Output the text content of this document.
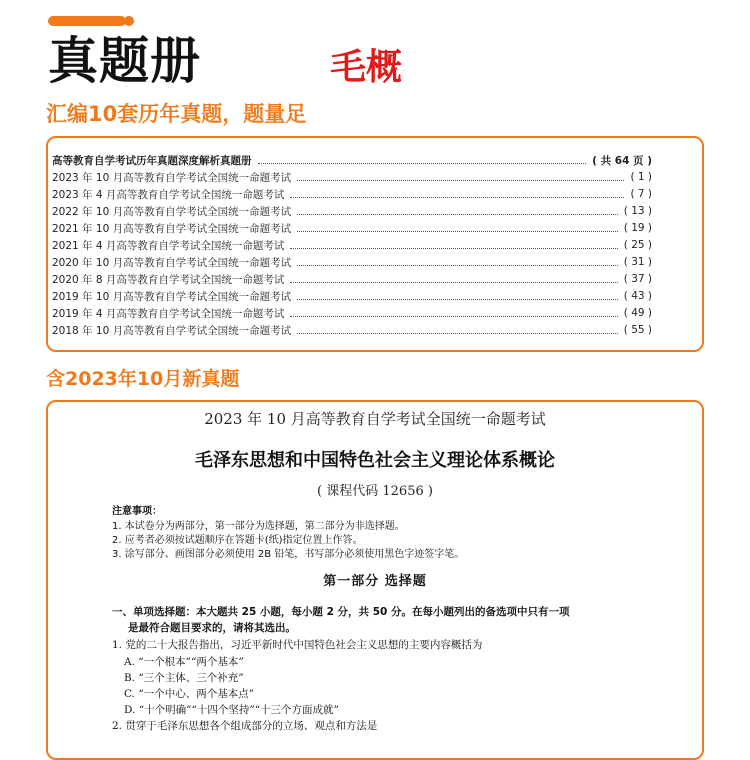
真题册	毛概
汇编10套历年真题，题量足
高等教育自学考试历年真题深度解析真题册	( 共 64 页 )
2023 年 10 月高等教育自学考试全国统一命题考试	( 1 )
2023 年 4 月高等教育自学考试全国统一命题考试	( 7 )
2022 年 10 月高等教育自学考试全国统一命题考试	( 13 )
2021 年 10 月高等教育自学考试全国统一命题考试	( 19 )
2021 年 4 月高等教育自学考试全国统一命题考试	( 25 )
2020 年 10 月高等教育自学考试全国统一命题考试	( 31 )
2020 年 8 月高等教育自学考试全国统一命题考试	( 37 )
2019 年 10 月高等教育自学考试全国统一命题考试	( 43 )
2019 年 4 月高等教育自学考试全国统一命题考试	( 49 )
2018 年 10 月高等教育自学考试全国统一命题考试	( 55 )
含2023年10月新真题
2023 年 10 月高等教育自学考试全国统一命题考试
毛泽东思想和中国特色社会主义理论体系概论
( 课程代码 12656 )
注意事项：
1. 本试卷分为两部分，第一部分为选择题，第二部分为非选择题。
2. 应考者必须按试题顺序在答题卡(纸)指定位置上作答。
3. 涂写部分、画图部分必须使用 2B 铅笔，书写部分必须使用黑色字迹签字笔。
第一部分 选择题
一、单项选择题：本大题共 25 小题，每小题 2 分，共 50 分。在每小题列出的备选项中只有一项
是最符合题目要求的，请将其选出。
1. 党的二十大报告指出，习近平新时代中国特色社会主义思想的主要内容概括为
A. “一个根本”“两个基本”
B. “三个主体、三个补充”
C. “一个中心、两个基本点”
D. “十个明确”“十四个坚持”“十三个方面成就”
2. 贯穿于毛泽东思想各个组成部分的立场、观点和方法是
